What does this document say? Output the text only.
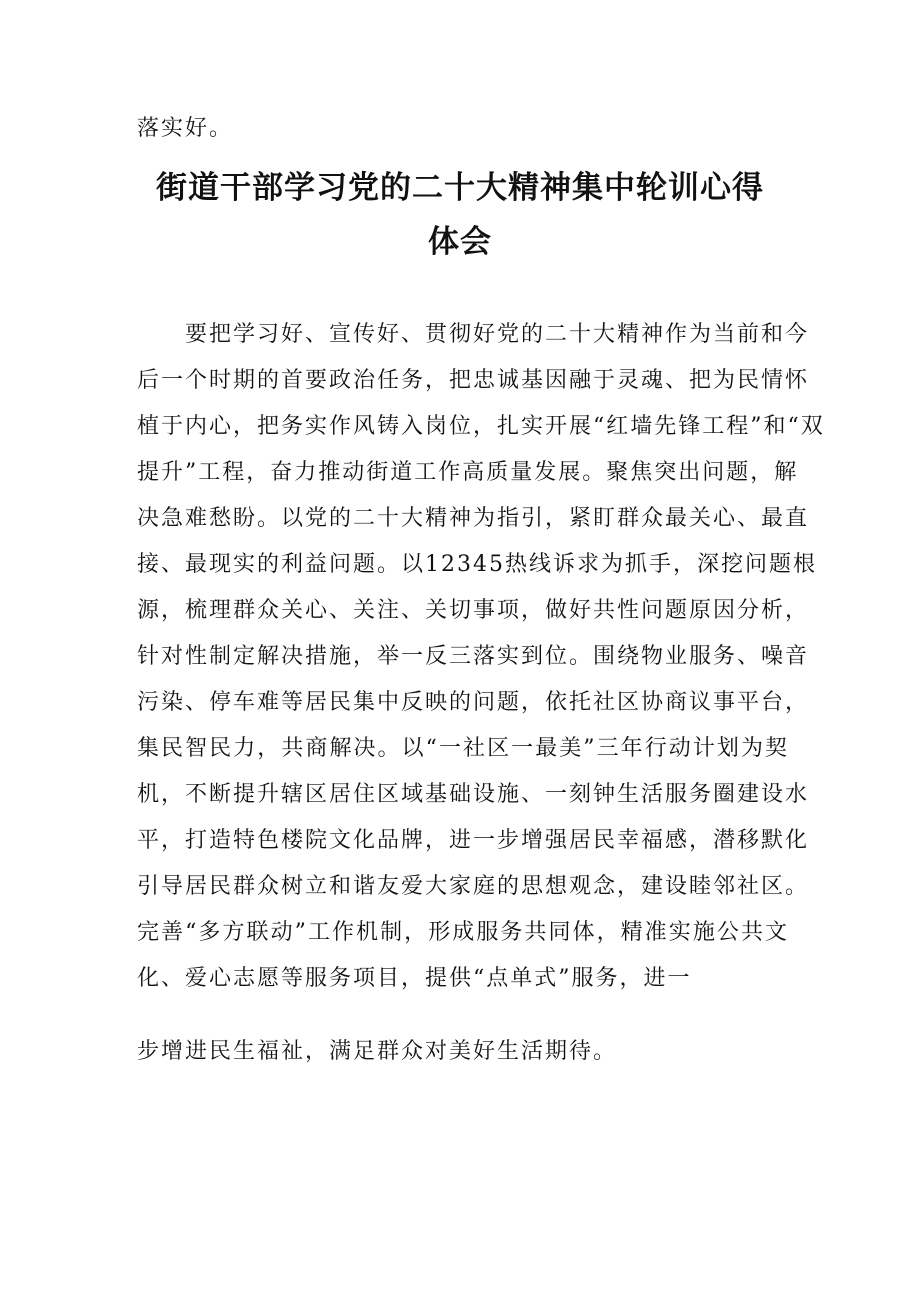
落实好。

街道干部学习党的二十大精神集中轮训心得
体会

要把学习好、宣传好、贯彻好党的二十大精神作为当前和今

后一个时期的首要政治任务，把忠诚基因融于灵魂、把为民情怀

植于内心，把务实作风铸入岗位，扎实开展“红墙先锋工程”和“双

提升”工程，奋力推动街道工作高质量发展。聚焦突出问题，解

决急难愁盼。以党的二十大精神为指引，紧盯群众最关心、最直

接、最现实的利益问题。以12345热线诉求为抓手，深挖问题根

源，梳理群众关心、关注、关切事项，做好共性问题原因分析，

针对性制定解决措施，举一反三落实到位。围绕物业服务、噪音

污染、停车难等居民集中反映的问题，依托社区协商议事平台，

集民智民力，共商解决。以“一社区一最美”三年行动计划为契

机，不断提升辖区居住区域基础设施、一刻钟生活服务圈建设水

平，打造特色楼院文化品牌，进一步增强居民幸福感，潜移默化

引导居民群众树立和谐友爱大家庭的思想观念，建设睦邻社区。

完善“多方联动”工作机制，形成服务共同体，精准实施公共文

化、爱心志愿等服务项目，提供“点单式”服务，进一

步增进民生福祉，满足群众对美好生活期待。
